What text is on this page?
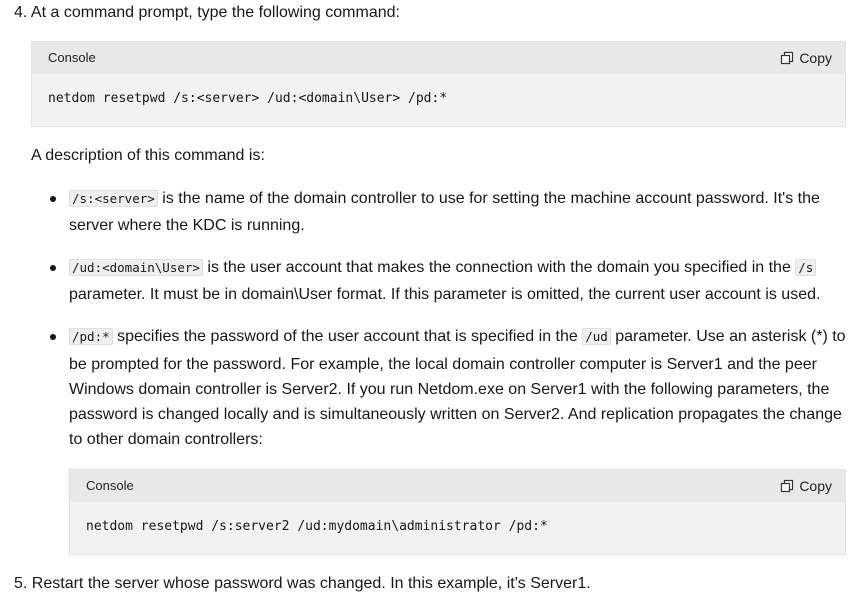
4. At a command prompt, type the following command:
Console	Copy
netdom resetpwd /s:<server> /ud:<domain\User> /pd:*
A description of this command is:
/s:<server> is the name of the domain controller to use for setting the machine account password. It's the
server where the KDC is running.
/ud:<domain\User> is the user account that makes the connection with the domain you specified in the /s
parameter. It must be in domain\User format. If this parameter is omitted, the current user account is used.
/pd:* specifies the password of the user account that is specified in the /ud parameter. Use an asterisk (*) to
be prompted for the password. For example, the local domain controller computer is Server1 and the peer
Windows domain controller is Server2. If you run Netdom.exe on Server1 with the following parameters, the
password is changed locally and is simultaneously written on Server2. And replication propagates the change
to other domain controllers:
Console	Copy
netdom resetpwd /s:server2 /ud:mydomain\administrator /pd:*
5. Restart the server whose password was changed. In this example, it's Server1.
